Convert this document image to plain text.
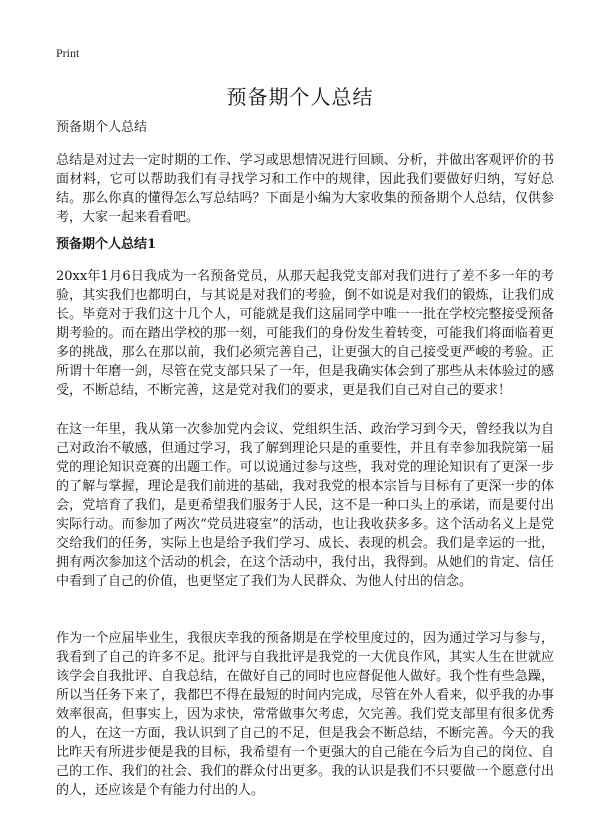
Print
预备期个人总结

预备期个人总结

总结是对过去一定时期的工作、学习或思想情况进行回顾、分析，并做出客观评价的书面材料，它可以帮助我们有寻找学习和工作中的规律，因此我们要做好归纳，写好总结。那么你真的懂得怎么写总结吗？下面是小编为大家收集的预备期个人总结，仅供参考，大家一起来看看吧。

预备期个人总结1

20xx年1月6日我成为一名预备党员，从那天起我党支部对我们进行了差不多一年的考验，其实我们也都明白，与其说是对我们的考验，倒不如说是对我们的锻炼，让我们成长。毕竟对于我们这十几个人，可能就是我们这届同学中唯一一批在学校完整接受预备期考验的。而在踏出学校的那一刻，可能我们的身份发生着转变，可能我们将面临着更多的挑战，那么在那以前，我们必须完善自己，让更强大的自己接受更严峻的考验。正所谓十年磨一剑，尽管在党支部只呆了一年，但是我确实体会到了那些从未体验过的感受，不断总结，不断完善，这是党对我们的要求，更是我们自己对自己的要求！

在这一年里，我从第一次参加党内会议、党组织生活、政治学习到今天，曾经我以为自己对政治不敏感，但通过学习，我了解到理论只是的重要性，并且有幸参加我院第一届党的理论知识竞赛的出题工作。可以说通过参与这些，我对党的理论知识有了更深一步的了解与掌握，理论是我们前进的基础，我对我党的根本宗旨与目标有了更深一步的体会，党培育了我们，是更希望我们服务于人民，这不是一种口头上的承诺，而是要付出实际行动。而参加了两次“党员进寝室”的活动，也让我收获多多。这个活动名义上是党交给我们的任务，实际上也是给予我们学习、成长、表现的机会。我们是幸运的一批，拥有两次参加这个活动的机会，在这个活动中，我付出，我得到。从她们的肯定、信任中看到了自己的价值，也更坚定了我们为人民群众、为他人付出的信念。

作为一个应届毕业生，我很庆幸我的预备期是在学校里度过的，因为通过学习与参与，我看到了自己的许多不足。批评与自我批评是我党的一大优良作风，其实人生在世就应该学会自我批评、自我总结，在做好自己的同时也应督促他人做好。我个性有些急躁，所以当任务下来了，我都巴不得在最短的时间内完成，尽管在外人看来，似乎我的办事效率很高，但事实上，因为求快，常常做事欠考虑，欠完善。我们党支部里有很多优秀的人，在这一方面，我认识到了自己的不足，但是我会不断总结，不断完善。今天的我比昨天有所进步便是我的目标，我希望有一个更强大的自己能在今后为自己的岗位、自己的工作、我们的社会、我们的群众付出更多。我的认识是我们不只要做一个愿意付出的人，还应该是个有能力付出的人。
